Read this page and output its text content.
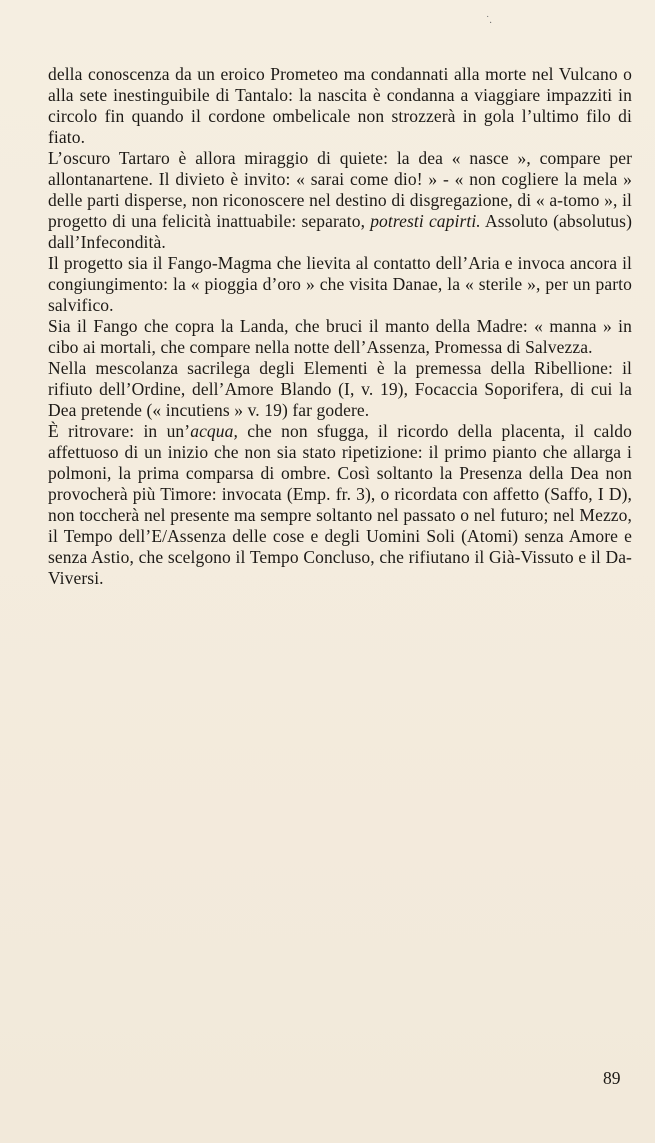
˙.

della conoscenza da un eroico Prometeo ma condannati alla morte nel Vulcano o alla sete inestinguibile di Tantalo: la nascita è condanna a viaggiare impazziti in circolo fin quando il cordone ombelicale non strozzerà in gola l’ultimo filo di fiato.

L’oscuro Tartaro è allora miraggio di quiete: la dea « nasce », compare per allontanartene. Il divieto è invito: « sarai come dio! » - « non cogliere la mela » delle parti disperse, non riconoscere nel destino di disgregazione, di « a-tomo », il progetto di una felicità inattuabile: separato, potresti capirti. Assoluto (absolutus) dall’Infecondità.

Il progetto sia il Fango-Magma che lievita al contatto dell’Aria e invoca ancora il congiungimento: la « pioggia d’oro » che visita Danae, la « sterile », per un parto salvifico.

Sia il Fango che copra la Landa, che bruci il manto della Madre: « manna » in cibo ai mortali, che compare nella notte dell’Assenza, Promessa di Salvezza.

Nella mescolanza sacrilega degli Elementi è la premessa della Ribellione: il rifiuto dell’Ordine, dell’Amore Blando (I, v. 19), Focaccia Soporifera, di cui la Dea pretende (« incutiens » v. 19) far godere.

È ritrovare: in un’acqua, che non sfugga, il ricordo della placenta, il caldo affettuoso di un inizio che non sia stato ripetizione: il primo pianto che allarga i polmoni, la prima comparsa di ombre. Così soltanto la Presenza della Dea non provocherà più Timore: invocata (Emp. fr. 3), o ricordata con affetto (Saffo, I D), non toccherà nel presente ma sempre soltanto nel passato o nel futuro; nel Mezzo, il Tempo dell’E/Assenza delle cose e degli Uomini Soli (Atomi) senza Amore e senza Astio, che scelgono il Tempo Concluso, che rifiutano il Già-Vissuto e il Da-Viversi.

89
